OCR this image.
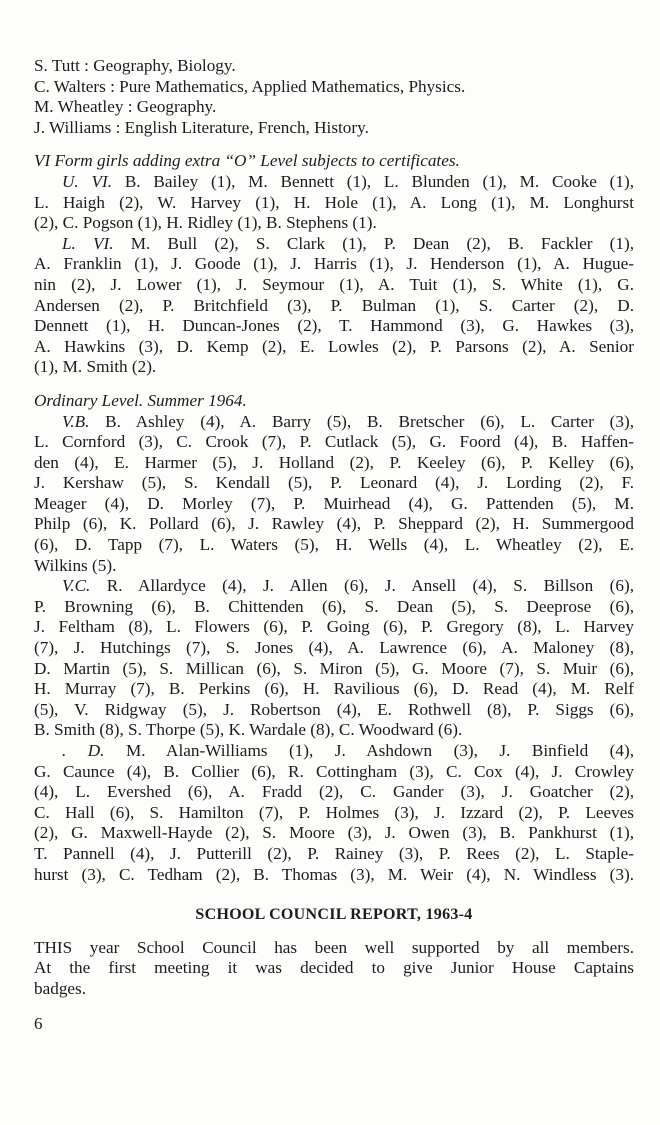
S. Tutt : Geography, Biology.
C. Walters : Pure Mathematics, Applied Mathematics, Physics.
M. Wheatley : Geography.
J. Williams : English Literature, French, History.
VI Form girls adding extra “O” Level subjects to certificates.

U. VI. B. Bailey (1), M. Bennett (1), L. Blunden (1), M. Cooke (1),
L. Haigh (2), W. Harvey (1), H. Hole (1), A. Long (1), M. Longhurst
(2), C. Pogson (1), H. Ridley (1), B. Stephens (1).

L. VI. M. Bull (2), S. Clark (1), P. Dean (2), B. Fackler (1),
A. Franklin (1), J. Goode (1), J. Harris (1), J. Henderson (1), A. Hugue-
nin (2), J. Lower (1), J. Seymour (1), A. Tuit (1), S. White (1), G.
Andersen (2), P. Britchfield (3), P. Bulman (1), S. Carter (2), D.
Dennett (1), H. Duncan-Jones (2), T. Hammond (3), G. Hawkes (3),
A. Hawkins (3), D. Kemp (2), E. Lowles (2), P. Parsons (2), A. Senior
(1), M. Smith (2).

Ordinary Level. Summer 1964.

V.B. B. Ashley (4), A. Barry (5), B. Bretscher (6), L. Carter (3),
L. Cornford (3), C. Crook (7), P. Cutlack (5), G. Foord (4), B. Haffen-
den (4), E. Harmer (5), J. Holland (2), P. Keeley (6), P. Kelley (6),
J. Kershaw (5), S. Kendall (5), P. Leonard (4), J. Lording (2), F.
Meager (4), D. Morley (7), P. Muirhead (4), G. Pattenden (5), M.
Philp (6), K. Pollard (6), J. Rawley (4), P. Sheppard (2), H. Summergood
(6), D. Tapp (7), L. Waters (5), H. Wells (4), L. Wheatley (2), E.
Wilkins (5).

V.C. R. Allardyce (4), J. Allen (6), J. Ansell (4), S. Billson (6),
P. Browning (6), B. Chittenden (6), S. Dean (5), S. Deeprose (6),
J. Feltham (8), L. Flowers (6), P. Going (6), P. Gregory (8), L. Harvey
(7), J. Hutchings (7), S. Jones (4), A. Lawrence (6), A. Maloney (8),
D. Martin (5), S. Millican (6), S. Miron (5), G. Moore (7), S. Muir (6),
H. Murray (7), B. Perkins (6), H. Ravilious (6), D. Read (4), M. Relf
(5), V. Ridgway (5), J. Robertson (4), E. Rothwell (8), P. Siggs (6),
B. Smith (8), S. Thorpe (5), K. Wardale (8), C. Woodward (6).

. D. M. Alan-Williams (1), J. Ashdown (3), J. Binfield (4),
G. Caunce (4), B. Collier (6), R. Cottingham (3), C. Cox (4), J. Crowley
(4), L. Evershed (6), A. Fradd (2), C. Gander (3), J. Goatcher (2),
C. Hall (6), S. Hamilton (7), P. Holmes (3), J. Izzard (2), P. Leeves
(2), G. Maxwell-Hayde (2), S. Moore (3), J. Owen (3), B. Pankhurst (1),
T. Pannell (4), J. Putterill (2), P. Rainey (3), P. Rees (2), L. Staple-
hurst (3), C. Tedham (2), B. Thomas (3), M. Weir (4), N. Windless (3).

SCHOOL COUNCIL REPORT, 1963-4

THIS year School Council has been well supported by all members.
At the first meeting it was decided to give Junior House Captains
badges.

6
